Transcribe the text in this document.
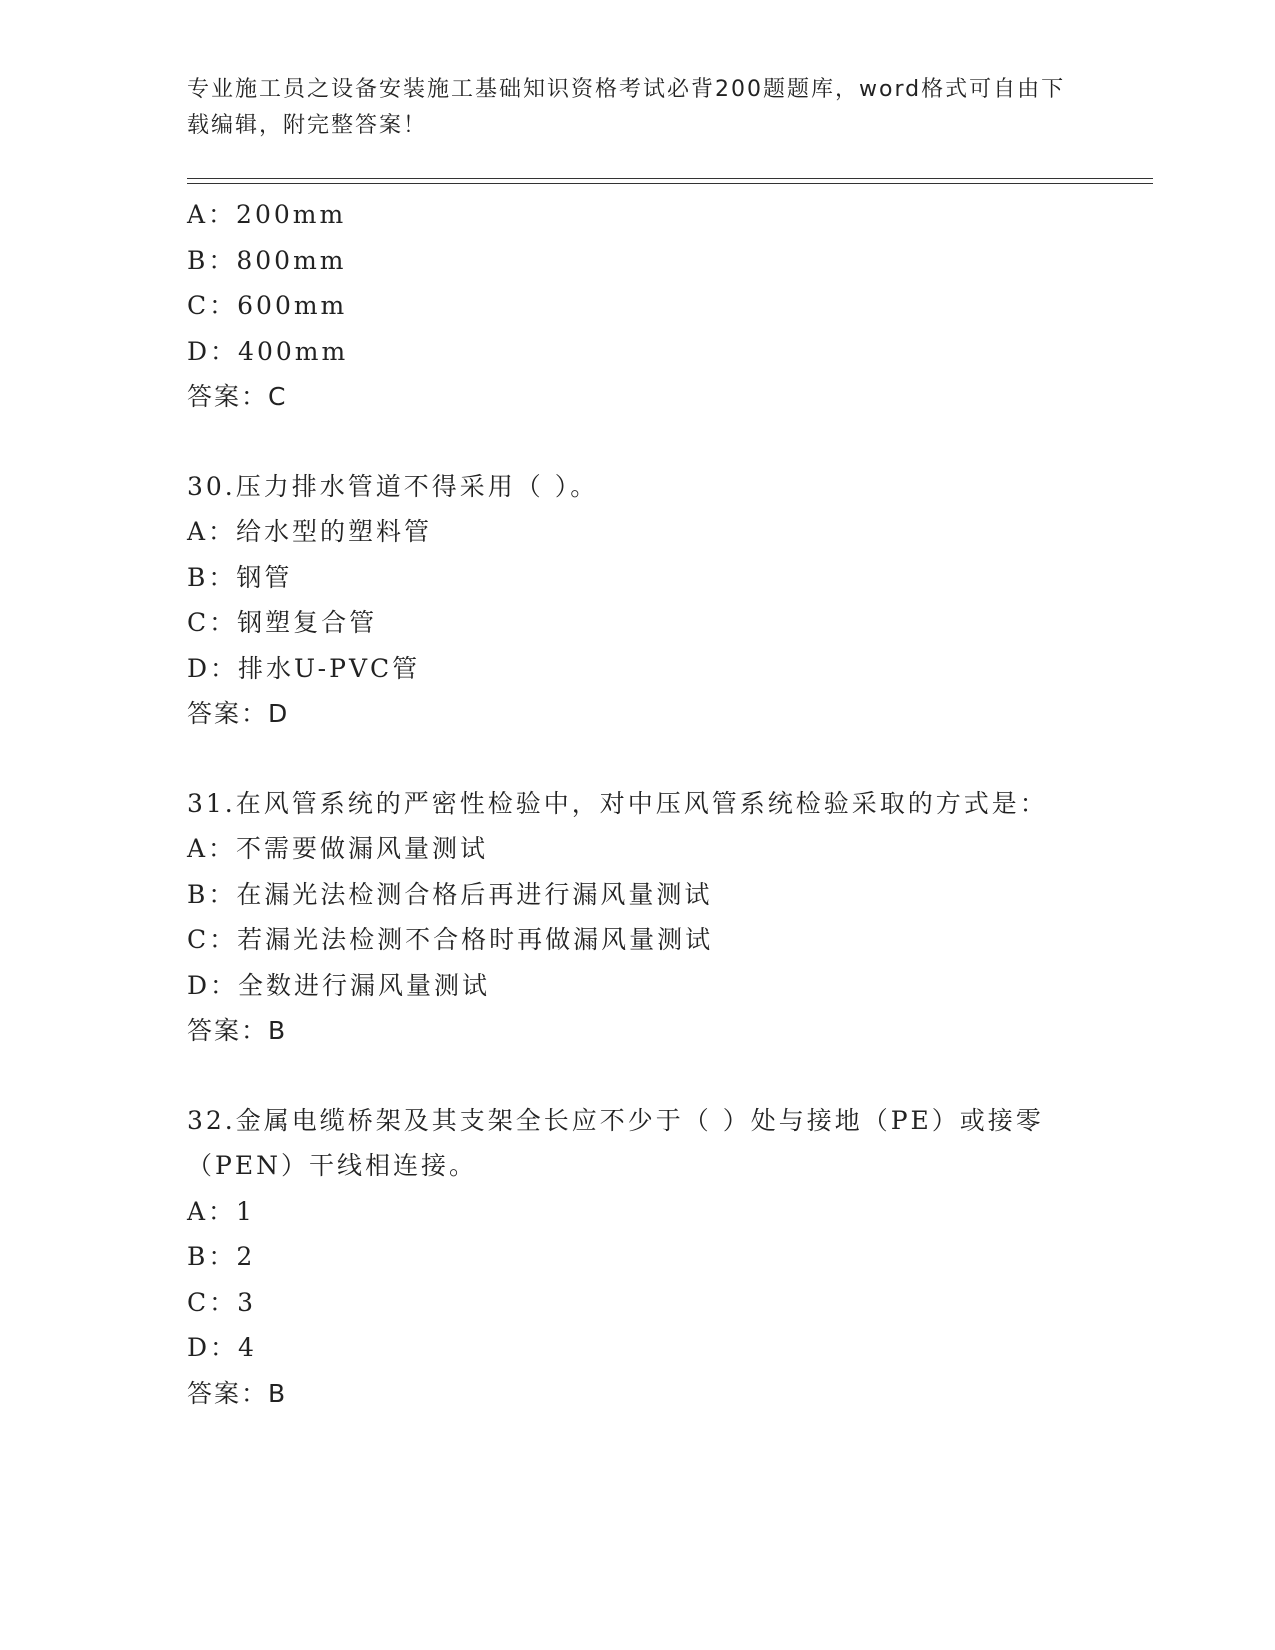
专业施工员之设备安装施工基础知识资格考试必背200题题库，word格式可自由下载编辑，附完整答案！
A：200mm
B：800mm
C：600mm
D：400mm
答案：C
30.压力排水管道不得采用（ ）。
A：给水型的塑料管
B：钢管
C：钢塑复合管
D：排水U-PVC管
答案：D
31.在风管系统的严密性检验中，对中压风管系统检验采取的方式是：
A：不需要做漏风量测试
B：在漏光法检测合格后再进行漏风量测试
C：若漏光法检测不合格时再做漏风量测试
D：全数进行漏风量测试
答案：B
32.金属电缆桥架及其支架全长应不少于（ ）处与接地（PE）或接零（PEN）干线相连接。
A：1
B：2
C：3
D：4
答案：B
